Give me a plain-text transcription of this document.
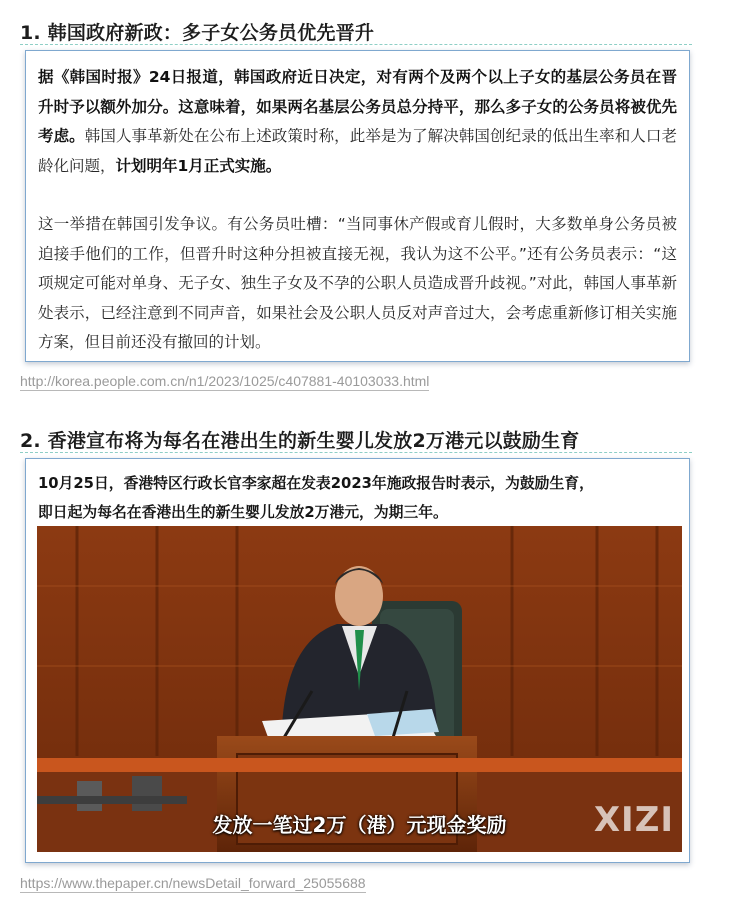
1. 韩国政府新政：多子女公务员优先晋升

据《韩国时报》24日报道，韩国政府近日决定，对有两个及两个以上子女的基层公务员在晋升时予以额外加分。这意味着，如果两名基层公务员总分持平，那么多子女的公务员将被优先考虑。韩国人事革新处在公布上述政策时称，此举是为了解决韩国创纪录的低出生率和人口老龄化问题，计划明年1月正式实施。

这一举措在韩国引发争议。有公务员吐槽：“当同事休产假或育儿假时，大多数单身公务员被迫接手他们的工作，但晋升时这种分担被直接无视，我认为这不公平。”还有公务员表示：“这项规定可能对单身、无子女、独生子女及不孕的公职人员造成晋升歧视。”对此，韩国人事革新处表示，已经注意到不同声音，如果社会及公职人员反对声音过大，会考虑重新修订相关实施方案，但目前还没有撤回的计划。

http://korea.people.com.cn/n1/2023/1025/c407881-40103033.html
2. 香港宣布将为每名在港出生的新生婴儿发放2万港元以鼓励生育

10月25日，香港特区行政长官李家超在发表2023年施政报告时表示，为鼓励生育，

即日起为每名在香港出生的新生婴儿发放2万港元，为期三年。

发放一笔过2万（港）元现金奖励	XIZI
https://www.thepaper.cn/newsDetail_forward_25055688
